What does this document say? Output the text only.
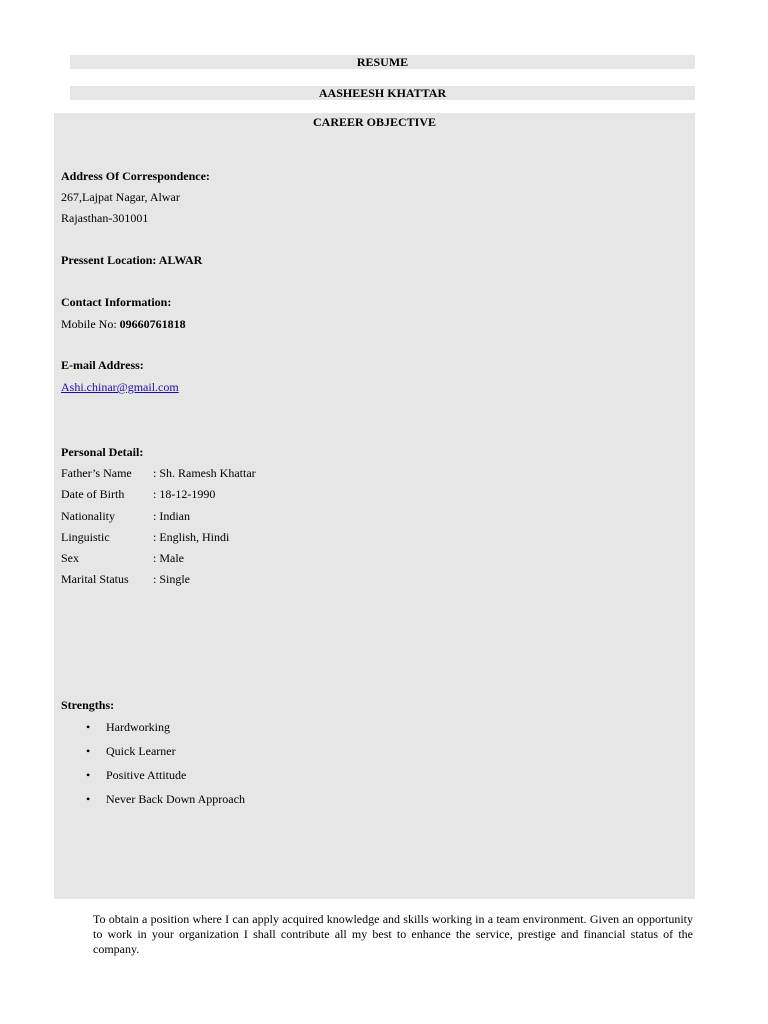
RESUME
AASHEESH KHATTAR
CAREER OBJECTIVE
Address Of Correspondence:
267,Lajpat Nagar, Alwar
Rajasthan-301001
Pressent Location: ALWAR
Contact Information:
Mobile No: 09660761818
E-mail Address:
Ashi.chinar@gmail.com
Personal Detail:
Father’s Name : Sh. Ramesh Khattar
Date of Birth : 18-12-1990
Nationality	: Indian
Linguistic	: English, Hindi
Sex	: Male
Marital Status : Single
Strengths:
• Hardworking
• Quick Learner
• Positive Attitude
• Never Back Down Approach
To obtain a position where I can apply acquired knowledge and skills working in a team environment. Given an opportunity to work in your organization I shall contribute all my best to enhance the service, prestige and financial status of the company.
